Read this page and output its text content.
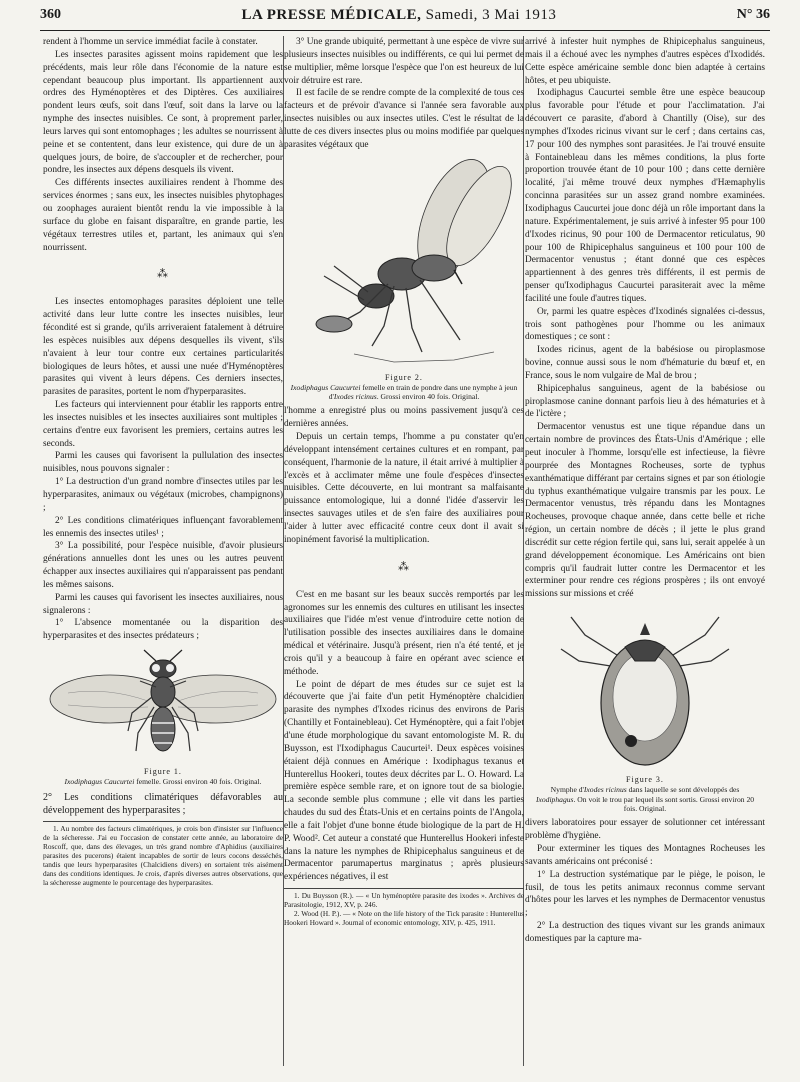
360	LA PRESSE MÉDICALE, Samedi, 3 Mai 1913	N° 36

rendent à l'homme un service immédiat facile à constater.

Les insectes parasites agissent moins rapidement que les précédents, mais leur rôle dans l'économie de la nature est cependant beaucoup plus important. Ils appartiennent aux ordres des Hyménoptères et des Diptères. Ces auxiliaires pondent leurs œufs, soit dans l'œuf, soit dans la larve ou la nymphe des insectes nuisibles. Ce sont, à proprement parler, leurs larves qui sont entomophages ; les adultes se nourrissent à peine et se contentent, dans leur existence, qui dure de un à quelques jours, de boire, de s'accoupler et de rechercher, pour pondre, les insectes aux dépens desquels ils vivent.

Ces différents insectes auxiliaires rendent à l'homme des services énormes ; sans eux, les insectes nuisibles phytophages ou zoophages auraient bientôt rendu la vie impossible à la surface du globe en faisant disparaître, en grande partie, les végétaux terrestres utiles et, partant, les animaux qui s'en nourrissent.

⁂

Les insectes entomophages parasites déploient une telle activité dans leur lutte contre les insectes nuisibles, leur fécondité est si grande, qu'ils arriveraient fatalement à détruire les espèces nuisibles aux dépens desquelles ils vivent, s'ils n'avaient à leur tour contre eux certaines particularités biologiques de leurs hôtes, et aussi une nuée d'Hyménoptères parasites qui vivent à leurs dépens. Ces derniers insectes, parasites de parasites, portent le nom d'hyperparasites.

Les facteurs qui interviennent pour établir les rapports entre les insectes nuisibles et les insectes auxiliaires sont multiples ; certains d'entre eux favorisent les premiers, certains autres les seconds.

Parmi les causes qui favorisent la pullulation des insectes nuisibles, nous pouvons signaler :

1° La destruction d'un grand nombre d'insectes utiles par les hyperparasites, animaux ou végétaux (microbes, champignons) ;

2° Les conditions climatériques influençant favorablement les ennemis des insectes utiles¹ ;

3° La possibilité, pour l'espèce nuisible, d'avoir plusieurs générations annuelles dont les unes ou les autres peuvent échapper aux insectes auxiliaires qui n'apparaissent pas pendant les mêmes saisons.

Parmi les causes qui favorisent les insectes auxiliaires, nous signalerons :

1° L'absence momentanée ou la disparition des hyperparasites et des insectes prédateurs ;

Figure 1.
Ixodiphagus Caucurtei femelle. Grossi environ 40 fois. Original.

2° Les conditions climatériques défavorables au développement des hyperparasites ;

1. Au nombre des facteurs climatériques, je crois bon d'insister sur l'influence de la sécheresse. J'ai eu l'occasion de constater cette année, au laboratoire de Roscoff, que, dans des élevages, un très grand nombre d'Aphidius (auxiliaires parasites des pucerons) étaient incapables de sortir de leurs cocons desséchés, tandis que leurs hyperparasites (Chalcidiens divers) en sortaient très aisément dans des conditions identiques. Je crois, d'après diverses autres observations, que la sécheresse augmente le pourcentage des hyperparasites.

3° Une grande ubiquité, permettant à une espèce de vivre sur plusieurs insectes nuisibles ou indifférents, ce qui lui permet de se multiplier, même lorsque l'espèce que l'on est heureux de lui voir détruire est rare.

Il est facile de se rendre compte de la complexité de tous ces facteurs et de prévoir d'avance si l'année sera favorable aux insectes nuisibles ou aux insectes utiles. C'est le résultat de la lutte de ces divers insectes plus ou moins modifiée par quelques parasites végétaux que

Figure 2.
Ixodiphagus Caucurtei femelle en train de pondre dans une nymphe à jeun d'Ixodes ricinus. Grossi environ 40 fois. Original.

l'homme a enregistré plus ou moins passivement jusqu'à ces dernières années.

Depuis un certain temps, l'homme a pu constater qu'en développant intensément certaines cultures et en rompant, par conséquent, l'harmonie de la nature, il était arrivé à multiplier à l'excès et à acclimater même une foule d'espèces d'insectes nuisibles. Cette découverte, en lui montrant sa malfaisante puissance entomologique, lui a donné l'idée d'asservir les insectes sauvages utiles et de s'en faire des auxiliaires pour l'aider à lutter avec efficacité contre ceux dont il avait si inopinément favorisé la multiplication.

⁂

C'est en me basant sur les beaux succès remportés par les agronomes sur les ennemis des cultures en utilisant les insectes auxiliaires que l'idée m'est venue d'introduire cette notion de l'utilisation possible des insectes auxiliaires dans le domaine médical et vétérinaire. Jusqu'à présent, rien n'a été tenté, et je crois qu'il y a beaucoup à faire en opérant avec science et méthode.

Le point de départ de mes études sur ce sujet est la découverte que j'ai faite d'un petit Hyménoptère chalcidien parasite des nymphes d'Ixodes ricinus des environs de Paris (Chantilly et Fontainebleau). Cet Hyménoptère, qui a fait l'objet d'une étude morphologique du savant entomologiste M. R. du Buysson, est l'Ixodiphagus Caucurtei¹. Deux espèces voisines étaient déjà connues en Amérique : Ixodiphagus texanus et Hunterellus Hookeri, toutes deux décrites par L. O. Howard. La première espèce semble rare, et on ignore tout de sa biologie. La seconde semble plus commune ; elle vit dans les parties chaudes du sud des États-Unis et en certains points de l'Angola, elle a fait l'objet d'une bonne étude biologique de la part de H. P. Wood². Cet auteur a constaté que Hunterellus Hookeri infeste dans la nature les nymphes de Rhipicephalus sanguineus et de Dermacentor parumapertus marginatus ; après plusieurs expériences négatives, il est

1. Du Buysson (R.). — « Un hyménoptère parasite des ixodes ». Archives de Parasitologie, 1912, XV, p. 246.

2. Wood (H. P.). — « Note on the life history of the Tick parasite : Hunterellus Hookeri Howard ». Journal of economic entomology, XIV, p. 425, 1911.

arrivé à infester huit nymphes de Rhipicephalus sanguineus, mais il a échoué avec les nymphes d'autres espèces d'Ixodidés. Cette espèce américaine semble donc bien adaptée à certains hôtes, et peu ubiquiste.

Ixodiphagus Caucurtei semble être une espèce beaucoup plus favorable pour l'étude et pour l'acclimatation. J'ai découvert ce parasite, d'abord à Chantilly (Oise), sur des nymphes d'Ixodes ricinus vivant sur le cerf ; dans certains cas, 17 pour 100 des nymphes sont parasitées. Je l'ai trouvé ensuite à Fontainebleau dans les mêmes conditions, la plus forte proportion trouvée étant de 10 pour 100 ; dans cette dernière localité, j'ai même trouvé deux nymphes d'Hæmaphylis concinna parasitées sur un assez grand nombre examinées. Ixodiphagus Caucurtei joue donc déjà un rôle important dans la nature. Expérimentalement, je suis arrivé à infester 95 pour 100 d'Ixodes ricinus, 90 pour 100 de Dermacentor reticulatus, 90 pour 100 de Rhipicephalus sanguineus et 100 pour 100 de Dermacentor venustus ; étant donné que ces espèces appartiennent à des genres très différents, il est permis de penser qu'Ixodiphagus Caucurtei parasiterait avec la même facilité une foule d'autres tiques.

Or, parmi les quatre espèces d'Ixodinés signalées ci-dessus, trois sont pathogènes pour l'homme ou les animaux domestiques ; ce sont :

Ixodes ricinus, agent de la babésiose ou piroplasmose bovine, connue aussi sous le nom d'hématurie du bœuf et, en France, sous le nom vulgaire de Mal de brou ;

Rhipicephalus sanguineus, agent de la babésiose ou piroplasmose canine donnant parfois lieu à des hématuries et à de l'ictère ;

Dermacentor venustus est une tique répandue dans un certain nombre de provinces des États-Unis d'Amérique ; elle peut inoculer à l'homme, lorsqu'elle est infectieuse, la fièvre pourprée des Montagnes Rocheuses, sorte de typhus exanthématique différant par certains signes et par son étiologie du typhus exanthématique vulgaire transmis par les poux. Le Dermacentor venustus, très répandu dans les Montagnes Rocheuses, provoque chaque année, dans cette belle et riche région, un certain nombre de décès ; il jette le plus grand discrédit sur cette région fertile qui, sans lui, serait appelée à un grand développement économique. Les Américains ont bien compris qu'il faudrait lutter contre les Dermacentor et les exterminer pour rendre ces régions prospères ; ils ont envoyé missions sur missions et créé

Figure 3.
Nymphe d'Ixodes ricinus dans laquelle se sont développés des Ixodiphagus. On voit le trou par lequel ils sont sortis. Grossi environ 20 fois. Original.

divers laboratoires pour essayer de solutionner cet intéressant problème d'hygiène.

Pour exterminer les tiques des Montagnes Rocheuses les savants américains ont préconisé :

1° La destruction systématique par le piège, le poison, le fusil, de tous les petits animaux reconnus comme servant d'hôtes pour les larves et les nymphes de Dermacentor venustus ;

2° La destruction des tiques vivant sur les grands animaux domestiques par la capture ma-
